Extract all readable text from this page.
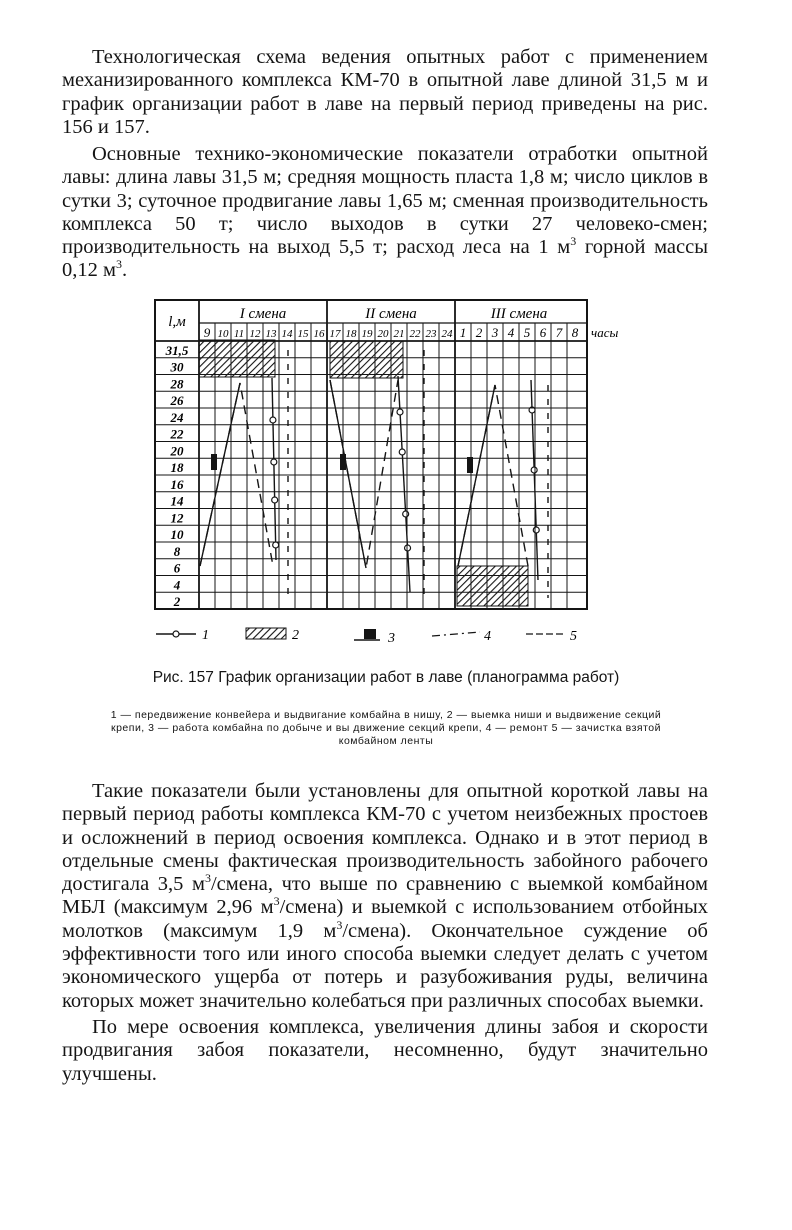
Технологическая схема ведения опытных работ с применением механизированного комплекса КМ-70 в опытной лаве длиной 31,5 м и график организации работ в лаве на первый период приведены на рис. 156 и 157.

Основные технико-экономические показатели отработки опытной лавы: длина лавы 31,5 м; средняя мощность пласта 1,8 м; число циклов в сутки 3; суточное продвигание лавы 1,65 м; сменная производительность комплекса 50 т; число выходов в сутки 27 человеко-смен; производительность на выход 5,5 т; расход леса на 1 $м^3$ горной массы 0,12 $м^3$.

I смена	II смена	III смена
9 10 11 12 13 14 15 16 17 18 19 20 21 22 23 24 1 2 3 4 5 6 7 8 часы
l,м
31,5
30
28
26
24
22
20
18
16
14
12
10
8
6
4
2
1	2	3	4	5

Рис. 157 График организации работ в лаве (планограмма работ)

1 — передвижение конвейера и выдвигание комбайна в нишу, 2 — выемка ниши и выдвижение секций крепи, 3 — работа комбайна по добыче и вы движение секций крепи, 4 — ремонт 5 — зачистка взятой комбайном ленты

Такие показатели были установлены для опытной короткой лавы на первый период работы комплекса КМ-70 с учетом неизбежных простоев и осложнений в период освоения комплекса. Однако и в этот период в отдельные смены фактическая производительность забойного рабочего достигала 3,5 $м^3$/смена, что выше по сравнению с выемкой комбайном МБЛ (максимум 2,96 $м^3/смена$) и выемкой с использованием отбойных молотков (максимум 1,9 $м^3/смена$). Окончательное суждение об эффективности того или иного способа выемки следует делать с учетом экономического ущерба от потерь и разубоживания руды, величина которых может значительно колебаться при различных способах выемки.

По мере освоения комплекса, увеличения длины забоя и скорости продвигания забоя показатели, несомненно, будут значительно улучшены.
